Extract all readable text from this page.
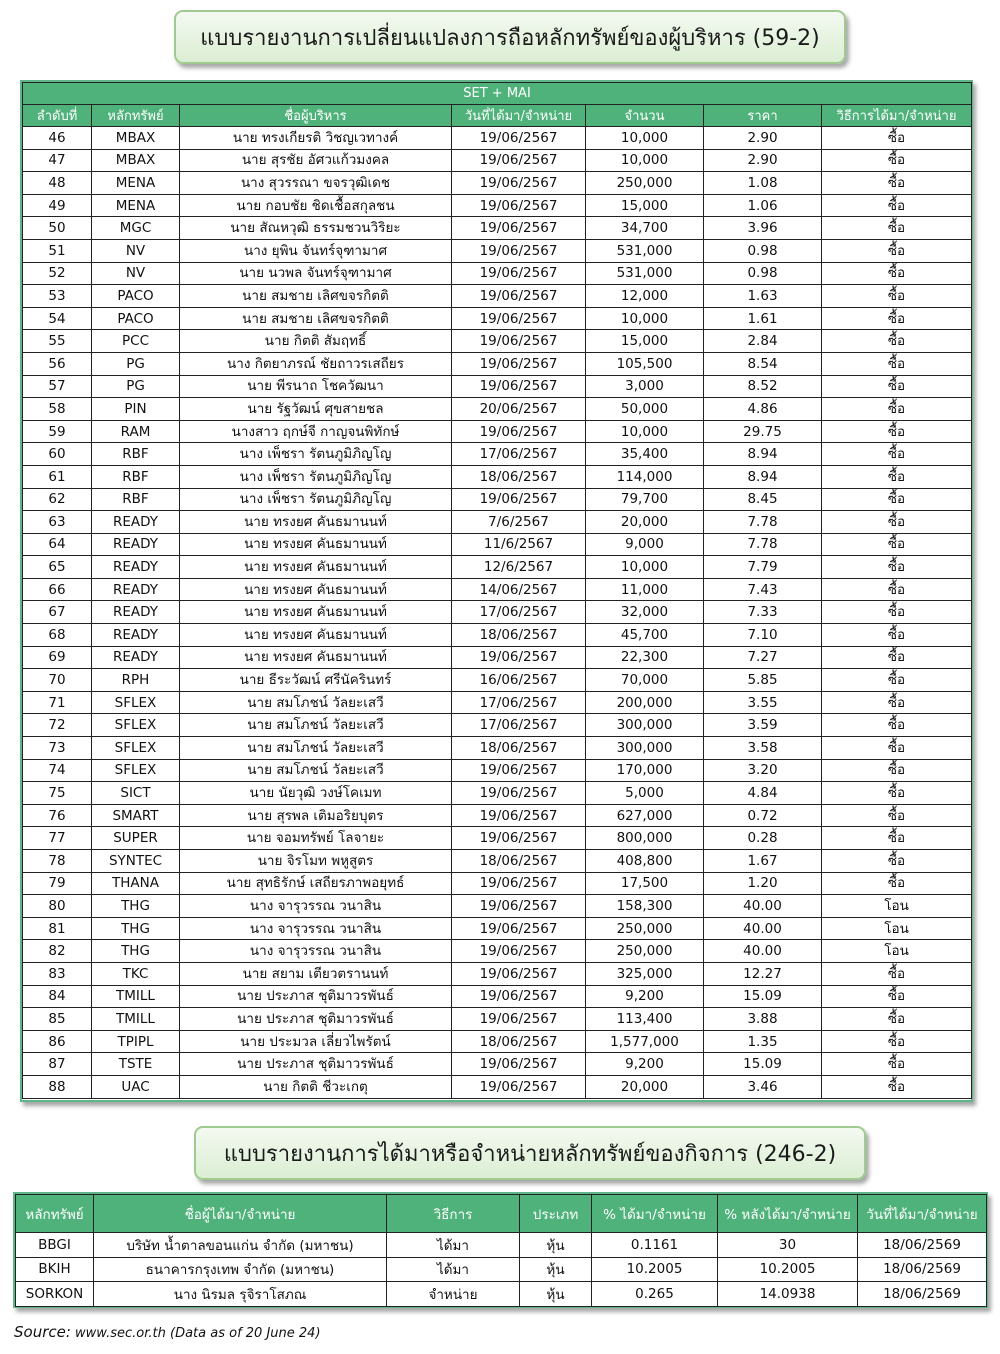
แบบรายงานการเปลี่ยนแปลงการถือหลักทรัพย์ของผู้บริหาร (59-2)
SET + MAI						
ลำดับที่	หลักทรัพย์	ชื่อผู้บริหาร	วันที่ได้มา/จำหน่าย	จำนวน	ราคา	วิธีการได้มา/จำหน่าย
46	MBAX	นาย ทรงเกียรติ วิชญเวทางค์	19/06/2567	10,000	2.90	ซื้อ
47	MBAX	นาย สุรชัย อัศวแก้วมงคล	19/06/2567	10,000	2.90	ซื้อ
48	MENA	นาง สุวรรณา ขจรวุฒิเดช	19/06/2567	250,000	1.08	ซื้อ
49	MENA	นาย กอบชัย ชิดเชื้อสกุลชน	19/06/2567	15,000	1.06	ซื้อ
50	MGC	นาย สัณหวุฒิ ธรรมชวนวิริยะ	19/06/2567	34,700	3.96	ซื้อ
51	NV	นาง ยุพิน จันทร์จุฑามาศ	19/06/2567	531,000	0.98	ซื้อ
52	NV	นาย นวพล จันทร์จุฑามาศ	19/06/2567	531,000	0.98	ซื้อ
53	PACO	นาย สมชาย เลิศขจรกิตติ	19/06/2567	12,000	1.63	ซื้อ
54	PACO	นาย สมชาย เลิศขจรกิตติ	19/06/2567	10,000	1.61	ซื้อ
55	PCC	นาย กิตติ สัมฤทธิ์	19/06/2567	15,000	2.84	ซื้อ
56	PG	นาง กิตยาภรณ์ ชัยถาวรเสถียร	19/06/2567	105,500	8.54	ซื้อ
57	PG	นาย พีรนาถ โชควัฒนา	19/06/2567	3,000	8.52	ซื้อ
58	PIN	นาย รัฐวัฒน์ ศุขสายชล	20/06/2567	50,000	4.86	ซื้อ
59	RAM	นางสาว ฤกษ์จี กาญจนพิทักษ์	19/06/2567	10,000	29.75	ซื้อ
60	RBF	นาง เพ็ชรา รัตนภูมิภิญโญ	17/06/2567	35,400	8.94	ซื้อ
61	RBF	นาง เพ็ชรา รัตนภูมิภิญโญ	18/06/2567	114,000	8.94	ซื้อ
62	RBF	นาง เพ็ชรา รัตนภูมิภิญโญ	19/06/2567	79,700	8.45	ซื้อ
63	READY	นาย ทรงยศ คันธมานนท์	7/6/2567	20,000	7.78	ซื้อ
64	READY	นาย ทรงยศ คันธมานนท์	11/6/2567	9,000	7.78	ซื้อ
65	READY	นาย ทรงยศ คันธมานนท์	12/6/2567	10,000	7.79	ซื้อ
66	READY	นาย ทรงยศ คันธมานนท์	14/06/2567	11,000	7.43	ซื้อ
67	READY	นาย ทรงยศ คันธมานนท์	17/06/2567	32,000	7.33	ซื้อ
68	READY	นาย ทรงยศ คันธมานนท์	18/06/2567	45,700	7.10	ซื้อ
69	READY	นาย ทรงยศ คันธมานนท์	19/06/2567	22,300	7.27	ซื้อ
70	RPH	นาย ธีระวัฒน์ ศรีนัครินทร์	16/06/2567	70,000	5.85	ซื้อ
71	SFLEX	นาย สมโภชน์ วัลยะเสวี	17/06/2567	200,000	3.55	ซื้อ
72	SFLEX	นาย สมโภชน์ วัลยะเสวี	17/06/2567	300,000	3.59	ซื้อ
73	SFLEX	นาย สมโภชน์ วัลยะเสวี	18/06/2567	300,000	3.58	ซื้อ
74	SFLEX	นาย สมโภชน์ วัลยะเสวี	19/06/2567	170,000	3.20	ซื้อ
75	SICT	นาย นัยวุฒิ วงษ์โคเมท	19/06/2567	5,000	4.84	ซื้อ
76	SMART	นาย สุรพล เติมอริยบุตร	19/06/2567	627,000	0.72	ซื้อ
77	SUPER	นาย จอมทรัพย์ โลจายะ	19/06/2567	800,000	0.28	ซื้อ
78	SYNTEC	นาย จิรโมท พหูสูตร	18/06/2567	408,800	1.67	ซื้อ
79	THANA	นาย สุทธิรักษ์ เสถียรภาพอยุทธ์	19/06/2567	17,500	1.20	ซื้อ
80	THG	นาง จารุวรรณ วนาสิน	19/06/2567	158,300	40.00	โอน
81	THG	นาง จารุวรรณ วนาสิน	19/06/2567	250,000	40.00	โอน
82	THG	นาง จารุวรรณ วนาสิน	19/06/2567	250,000	40.00	โอน
83	TKC	นาย สยาม เตียวตรานนท์	19/06/2567	325,000	12.27	ซื้อ
84	TMILL	นาย ประภาส ชุติมาวรพันธ์	19/06/2567	9,200	15.09	ซื้อ
85	TMILL	นาย ประภาส ชุติมาวรพันธ์	19/06/2567	113,400	3.88	ซื้อ
86	TPIPL	นาย ประมวล เลี่ยวไพรัตน์	18/06/2567	1,577,000	1.35	ซื้อ
87	TSTE	นาย ประภาส ชุติมาวรพันธ์	19/06/2567	9,200	15.09	ซื้อ
88	UAC	นาย กิตติ ชีวะเกตุ	19/06/2567	20,000	3.46	ซื้อ
แบบรายงานการได้มาหรือจำหน่ายหลักทรัพย์ของกิจการ (246-2)
หลักทรัพย์	ชื่อผู้ได้มา/จำหน่าย	วิธีการ	ประเภท	% ได้มา/จำหน่าย	% หลังได้มา/จำหน่าย	วันที่ได้มา/จำหน่าย
BBGI	บริษัท น้ำตาลขอนแก่น จำกัด (มหาชน)	ได้มา	หุ้น	0.1161	30	18/06/2569
BKIH	ธนาคารกรุงเทพ จำกัด (มหาชน)	ได้มา	หุ้น	10.2005	10.2005	18/06/2569
SORKON	นาง นิรมล รุจิราโสภณ	จำหน่าย	หุ้น	0.265	14.0938	18/06/2569
Source: www.sec.or.th (Data as of 20 June 24)
